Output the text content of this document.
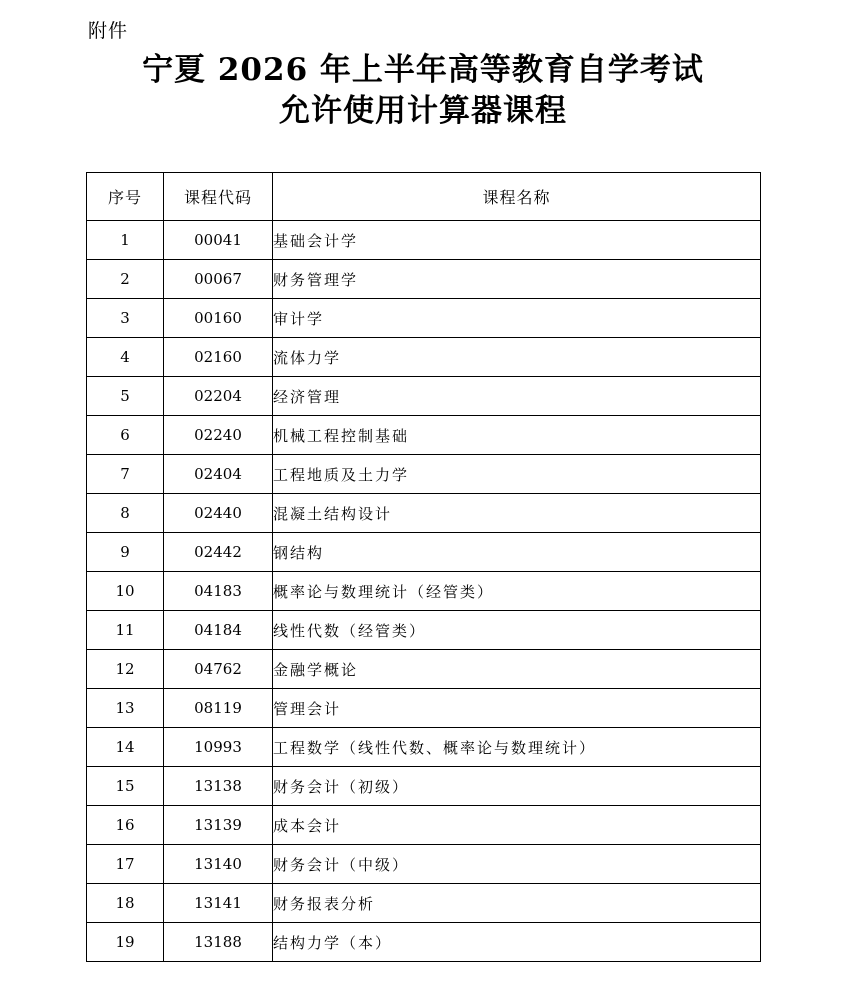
附件
宁夏 2026 年上半年高等教育自学考试
允许使用计算器课程
序号	课程代码	课程名称
1	00041	基础会计学
2	00067	财务管理学
3	00160	审计学
4	02160	流体力学
5	02204	经济管理
6	02240	机械工程控制基础
7	02404	工程地质及土力学
8	02440	混凝土结构设计
9	02442	钢结构
10	04183	概率论与数理统计（经管类）
11	04184	线性代数（经管类）
12	04762	金融学概论
13	08119	管理会计
14	10993	工程数学（线性代数、概率论与数理统计）
15	13138	财务会计（初级）
16	13139	成本会计
17	13140	财务会计（中级）
18	13141	财务报表分析
19	13188	结构力学（本）
